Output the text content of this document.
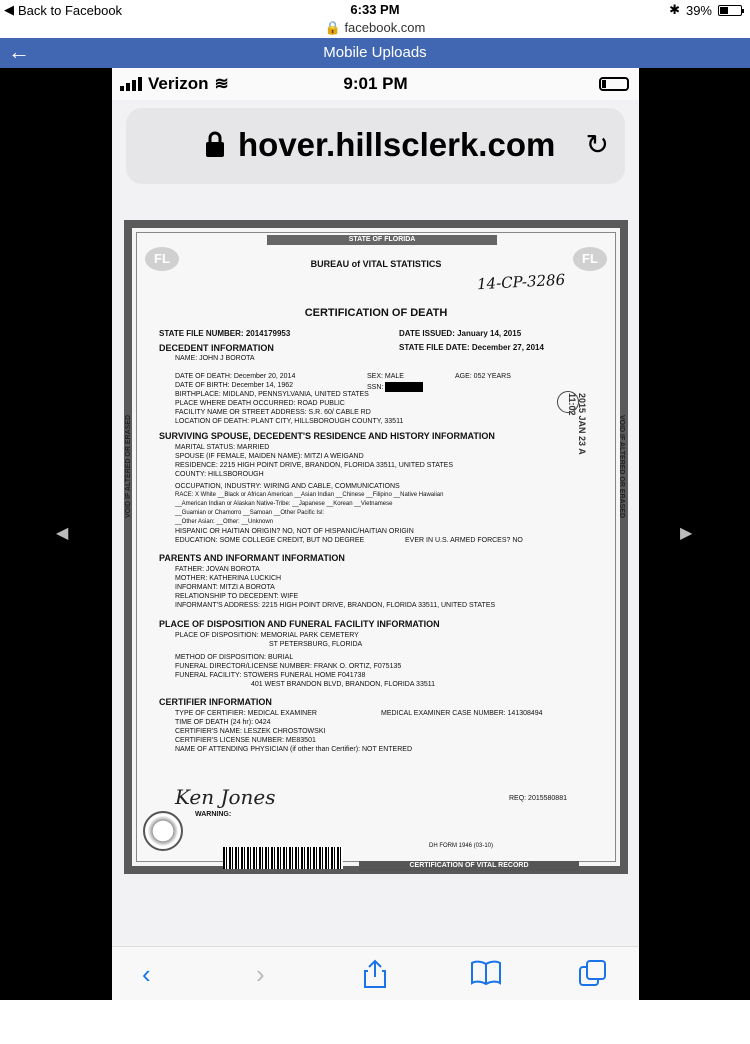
◀ Back to Facebook	6:33 PM	✱ 39%
🔒 facebook.com
←	Mobile Uploads
◀	▶
Verizon ≋	9:01 PM
hover.hillsclerk.com ↻
VOID IF ALTERED OR ERASED	VOID IF ALTERED OR ERASED
FL	FL
STATE OF FLORIDA
BUREAU of VITAL STATISTICS
14-CP-3286
CERTIFICATION OF DEATH
STATE FILE NUMBER: 2014179953	DATE ISSUED: January 14, 2015
DECEDENT INFORMATION	STATE FILE DATE: December 27, 2014
NAME: JOHN J BOROTA
DATE OF DEATH: December 20, 2014	SEX: MALE	AGE: 052 YEARS
DATE OF BIRTH: December 14, 1962	SSN:
BIRTHPLACE: MIDLAND, PENNSYLVANIA, UNITED STATES
PLACE WHERE DEATH OCCURRED: ROAD PUBLIC
FACILITY NAME OR STREET ADDRESS: S.R. 60/ CABLE RD
LOCATION OF DEATH: PLANT CITY, HILLSBOROUGH COUNTY, 33511
SURVIVING SPOUSE, DECEDENT'S RESIDENCE AND HISTORY INFORMATION
MARITAL STATUS: MARRIED
SPOUSE (IF FEMALE, MAIDEN NAME): MITZI A WEIGAND
RESIDENCE: 2215 HIGH POINT DRIVE, BRANDON, FLORIDA 33511, UNITED STATES
COUNTY: HILLSBOROUGH
OCCUPATION, INDUSTRY: WIRING AND CABLE, COMMUNICATIONS
RACE: X White __Black or African American __Asian Indian __Chinese __Filipino __Native Hawaiian
__American Indian or Alaskan Native-Tribe: __Japanese __Korean __Vietnamese
__Guamian or Chamorro __Samoan __Other Pacific Isl:
__Other Asian: __Other: __Unknown
HISPANIC OR HAITIAN ORIGIN? NO, NOT OF HISPANIC/HAITIAN ORIGIN
EDUCATION: SOME COLLEGE CREDIT, BUT NO DEGREE	EVER IN U.S. ARMED FORCES? NO
PARENTS AND INFORMANT INFORMATION
FATHER: JOVAN BOROTA
MOTHER: KATHERINA LUCKICH
INFORMANT: MITZI A BOROTA
RELATIONSHIP TO DECEDENT: WIFE
INFORMANT'S ADDRESS: 2215 HIGH POINT DRIVE, BRANDON, FLORIDA 33511, UNITED STATES
PLACE OF DISPOSITION AND FUNERAL FACILITY INFORMATION
PLACE OF DISPOSITION: MEMORIAL PARK CEMETERY
ST PETERSBURG, FLORIDA
METHOD OF DISPOSITION: BURIAL
FUNERAL DIRECTOR/LICENSE NUMBER: FRANK O. ORTIZ, F075135
FUNERAL FACILITY: STOWERS FUNERAL HOME F041738
401 WEST BRANDON BLVD, BRANDON, FLORIDA 33511
CERTIFIER INFORMATION
TYPE OF CERTIFIER: MEDICAL EXAMINER	MEDICAL EXAMINER CASE NUMBER: 141308494
TIME OF DEATH (24 hr): 0424
CERTIFIER'S NAME: LESZEK CHROSTOWSKI
CERTIFIER'S LICENSE NUMBER: ME83501
NAME OF ATTENDING PHYSICIAN (if other than Certifier): NOT ENTERED
Ken Jones
WARNING:
REQ: 2015580881
DH FORM 1946 (03-10)
CERTIFICATION OF VITAL RECORD
2015 JAN 23 A 11:02
‹	›
COMPLAINTS
SOLVING SINCE 2004
